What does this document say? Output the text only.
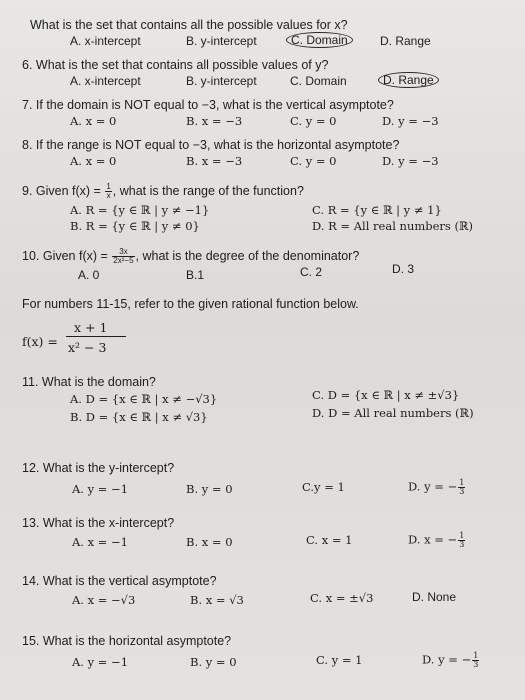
What is the set that contains all the possible values for x?
A. x-intercept	B. y-intercept	C. Domain	D. Range
6. What is the set that contains all possible values of y?
A. x-intercept	B. y-intercept	C. Domain	D. Range
7. If the domain is NOT equal to −3, what is the vertical asymptote?
A. x = 0	B. x = −3	C. y = 0	D. y = −3
8. If the range is NOT equal to −3, what is the horizontal asymptote?
A. x = 0	B. x = −3	C. y = 0	D. y = −3
9. Given $f(x) = \frac{1}{x}$ , what is the range of the function?
A. R = {y ∈ ℝ | y ≠ −1}
B. R = {y ∈ ℝ | y ≠ 0}
C. R = {y ∈ ℝ | y ≠ 1}
D. R = All real numbers (ℝ)
10. Given $f(x) = \frac{3x}{\text{2x²−5}}$ , what is the degree of the denominator?
A. 0	B.1	C. 2	D. 3
For numbers 11-15, refer to the given rational function below.
f(x) =
x + 1
x² − 3
11. What is the domain?
A. D = {x ∈ ℝ | x ≠ −√3}
B. D = {x ∈ ℝ | x ≠ √3}
C. D = {x ∈ ℝ | x ≠ ±√3}
D. D = All real numbers (ℝ)
12. What is the y-intercept?
A. y = −1	B. y = 0	C.y = 1	D. y = − $\frac{1}{3}$
13. What is the x-intercept?
A. x = −1	B. x = 0	C. x = 1	D. x = − $\frac{1}{3}$
14. What is the vertical asymptote?
A. x = −√3	B. x = √3	C. x = ±√3	D. None
15. What is the horizontal asymptote?
A. y = −1	B. y = 0	C. y = 1	D. y = − $\frac{1}{3}$
